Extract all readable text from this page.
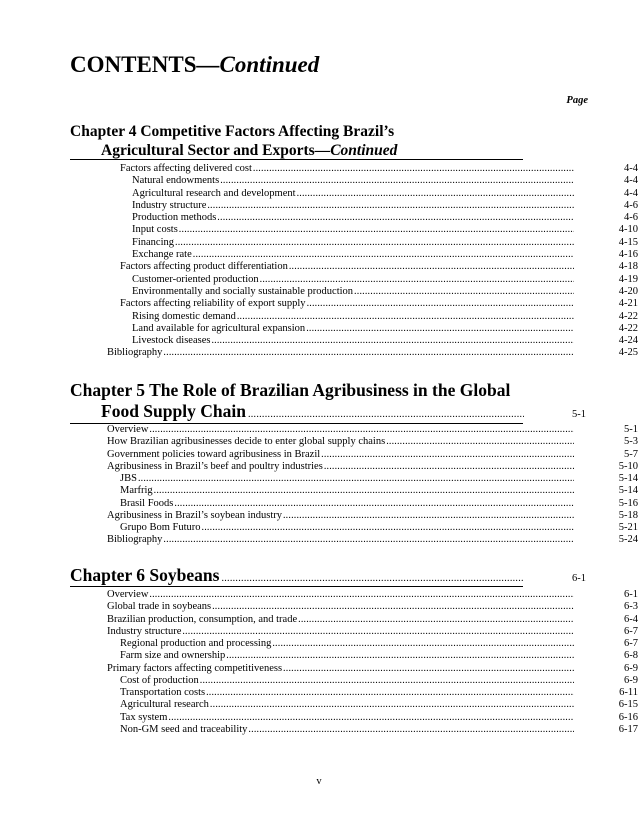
CONTENTS—Continued
Page
Chapter 4 Competitive Factors Affecting Brazil’s
Agricultural Sector and Exports—Continued
Factors affecting delivered cost .....	4-4
Natural endowments .....	4-4
Agricultural research and development .....	4-4
Industry structure .....	4-6
Production methods .....	4-6
Input costs .....	4-10
Financing .....	4-15
Exchange rate .....	4-16
Factors affecting product differentiation .....	4-18
Customer-oriented production .....	4-19
Environmentally and socially sustainable production .....	4-20
Factors affecting reliability of export supply .....	4-21
Rising domestic demand .....	4-22
Land available for agricultural expansion .....	4-22
Livestock diseases .....	4-24
Bibliography .....	4-25
Chapter 5 The Role of Brazilian Agribusiness in the Global
Food Supply Chain .....	5-1
Overview .....	5-1
How Brazilian agribusinesses decide to enter global supply chains .....	5-3
Government policies toward agribusiness in Brazil .....	5-7
Agribusiness in Brazil’s beef and poultry industries .....	5-10
JBS .....	5-14
Marfrig .....	5-14
Brasil Foods .....	5-16
Agribusiness in Brazil’s soybean industry .....	5-18
Grupo Bom Futuro .....	5-21
Bibliography .....	5-24
Chapter 6 Soybeans .....	6-1
Overview .....	6-1
Global trade in soybeans .....	6-3
Brazilian production, consumption, and trade .....	6-4
Industry structure .....	6-7
Regional production and processing .....	6-7
Farm size and ownership .....	6-8
Primary factors affecting competitiveness .....	6-9
Cost of production .....	6-9
Transportation costs .....	6-11
Agricultural research .....	6-15
Tax system .....	6-16
Non-GM seed and traceability .....	6-17
v
